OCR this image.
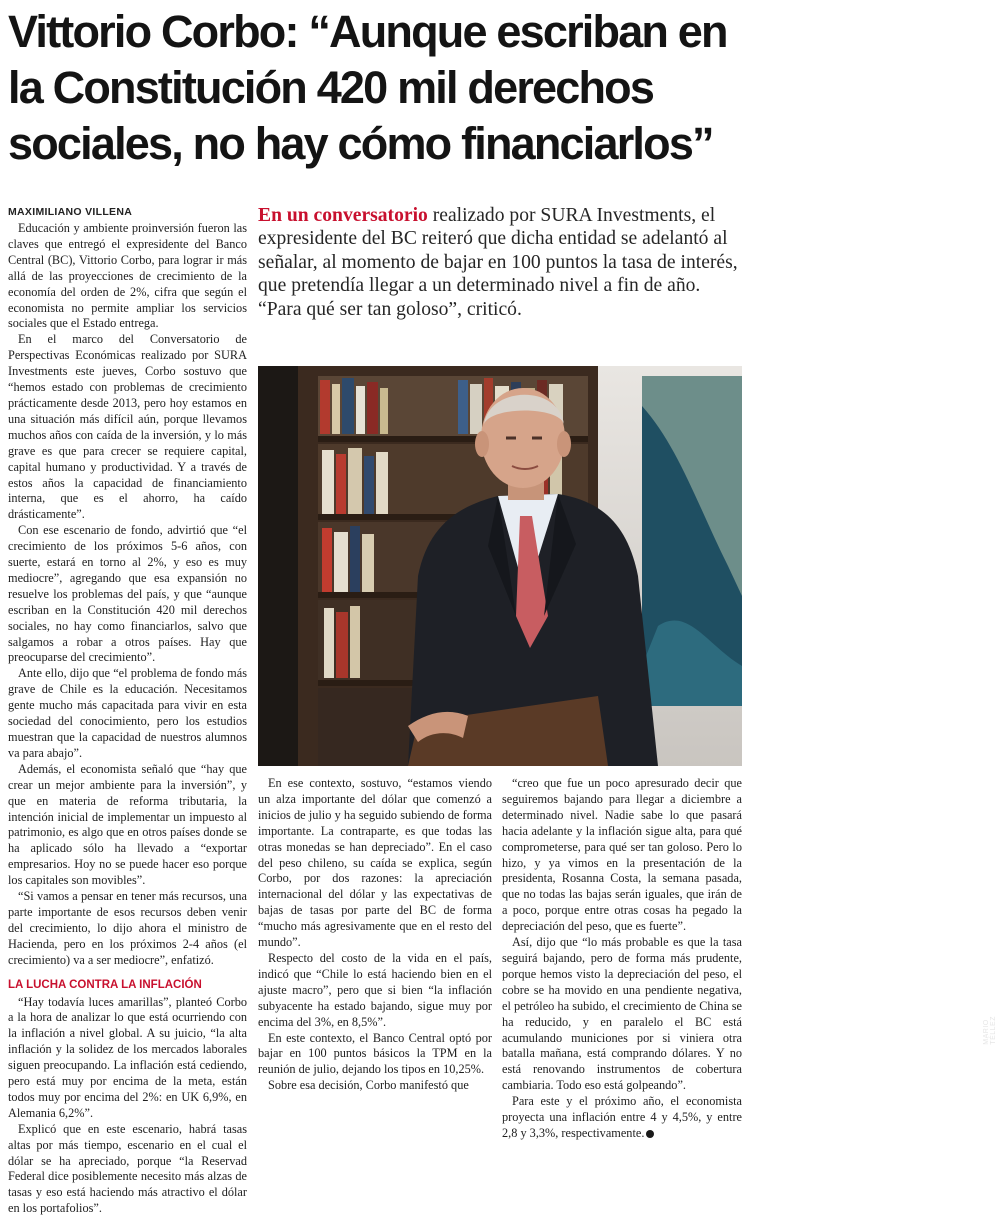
Vittorio Corbo: “Aunque escriban en la Constitución 420 mil derechos sociales, no hay cómo financiarlos”
MAXIMILIANO VILLENA	En un conversatorio realizado por SURA Investments, el expresidente del BC reiteró que dicha entidad se adelantó al señalar, al momento de bajar en 100 puntos la tasa de interés, que pretendía llegar a un determinado nivel a fin de año. “Para qué ser tan goloso”, criticó.
MARIO TÉLLEZ

Educación y ambiente proinversión fueron las claves que entregó el expresidente del Banco Central (BC), Vittorio Corbo, para lograr ir más allá de las proyecciones de crecimiento de la economía del orden de 2%, cifra que según el economista no permite ampliar los servicios sociales que el Estado entrega.

En el marco del Conversatorio de Perspectivas Económicas realizado por SURA Investments este jueves, Corbo sostuvo que “hemos estado con problemas de crecimiento prácticamente desde 2013, pero hoy estamos en una situación más difícil aún, porque llevamos muchos años con caída de la inversión, y lo más grave es que para crecer se requiere capital, capital humano y productividad. Y a través de estos años la capacidad de financiamiento interna, que es el ahorro, ha caído drásticamente”.

Con ese escenario de fondo, advirtió que “el crecimiento de los próximos 5-6 años, con suerte, estará en torno al 2%, y eso es muy mediocre”, agregando que esa expansión no resuelve los problemas del país, y que “aunque escriban en la Constitución 420 mil derechos sociales, no hay como financiarlos, salvo que salgamos a robar a otros países. Hay que preocuparse del crecimiento”.

Ante ello, dijo que “el problema de fondo más grave de Chile es la educación. Necesitamos gente mucho más capacitada para vivir en esta sociedad del conocimiento, pero los estudios muestran que la capacidad de nuestros alumnos va para abajo”.

Además, el economista señaló que “hay que crear un mejor ambiente para la inversión”, y que en materia de reforma tributaria, la intención inicial de implementar un impuesto al patrimonio, es algo que en otros países donde se ha aplicado sólo ha llevado a “exportar empresarios. Hoy no se puede hacer eso porque los capitales son movibles”.

“Si vamos a pensar en tener más recursos, una parte importante de esos recursos deben venir del crecimiento, lo dijo ahora el ministro de Hacienda, pero en los próximos 2-4 años (el crecimiento) va a ser mediocre”, enfatizó.

LA LUCHA CONTRA LA INFLACIÓN

“Hay todavía luces amarillas”, planteó Corbo a la hora de analizar lo que está ocurriendo con la inflación a nivel global. A su juicio, “la alta inflación y la solidez de los mercados laborales siguen preocupando. La inflación está cediendo, pero está muy por encima de la meta, están todos muy por encima del 2%: en UK 6,9%, en Alemania 6,2%”.

Explicó que en este escenario, habrá tasas altas por más tiempo, escenario en el cual el dólar se ha apreciado, porque “la Reservad Federal dice posiblemente necesito más alzas de tasas y eso está haciendo más atractivo el dólar en los portafolios”.

En ese contexto, sostuvo, “estamos viendo un alza importante del dólar que comenzó a inicios de julio y ha seguido subiendo de forma importante. La contraparte, es que todas las otras monedas se han depreciado”. En el caso del peso chileno, su caída se explica, según Corbo, por dos razones: la apreciación internacional del dólar y las expectativas de bajas de tasas por parte del BC de forma “mucho más agresivamente que en el resto del mundo”.

Respecto del costo de la vida en el país, indicó que “Chile lo está haciendo bien en el ajuste macro”, pero que si bien “la inflación subyacente ha estado bajando, sigue muy por encima del 3%, en 8,5%”.

En este contexto, el Banco Central optó por bajar en 100 puntos básicos la TPM en la reunión de julio, dejando los tipos en 10,25%.

Sobre esa decisión, Corbo manifestó que

“creo que fue un poco apresurado decir que seguiremos bajando para llegar a diciembre a determinado nivel. Nadie sabe lo que pasará hacia adelante y la inflación sigue alta, para qué comprometerse, para qué ser tan goloso. Pero lo hizo, y ya vimos en la presentación de la presidenta, Rosanna Costa, la semana pasada, que no todas las bajas serán iguales, que irán de a poco, porque entre otras cosas ha pegado la depreciación del peso, que es fuerte”.

Así, dijo que “lo más probable es que la tasa seguirá bajando, pero de forma más prudente, porque hemos visto la depreciación del peso, el cobre se ha movido en una pendiente negativa, el petróleo ha subido, el crecimiento de China se ha reducido, y en paralelo el BC está acumulando municiones por si viniera otra batalla mañana, está comprando dólares. Y no está renovando instrumentos de cobertura cambiaria. Todo eso está golpeando”.

Para este y el próximo año, el economista proyecta una inflación entre 4 y 4,5%, y entre 2,8 y 3,3%, respectivamente.
